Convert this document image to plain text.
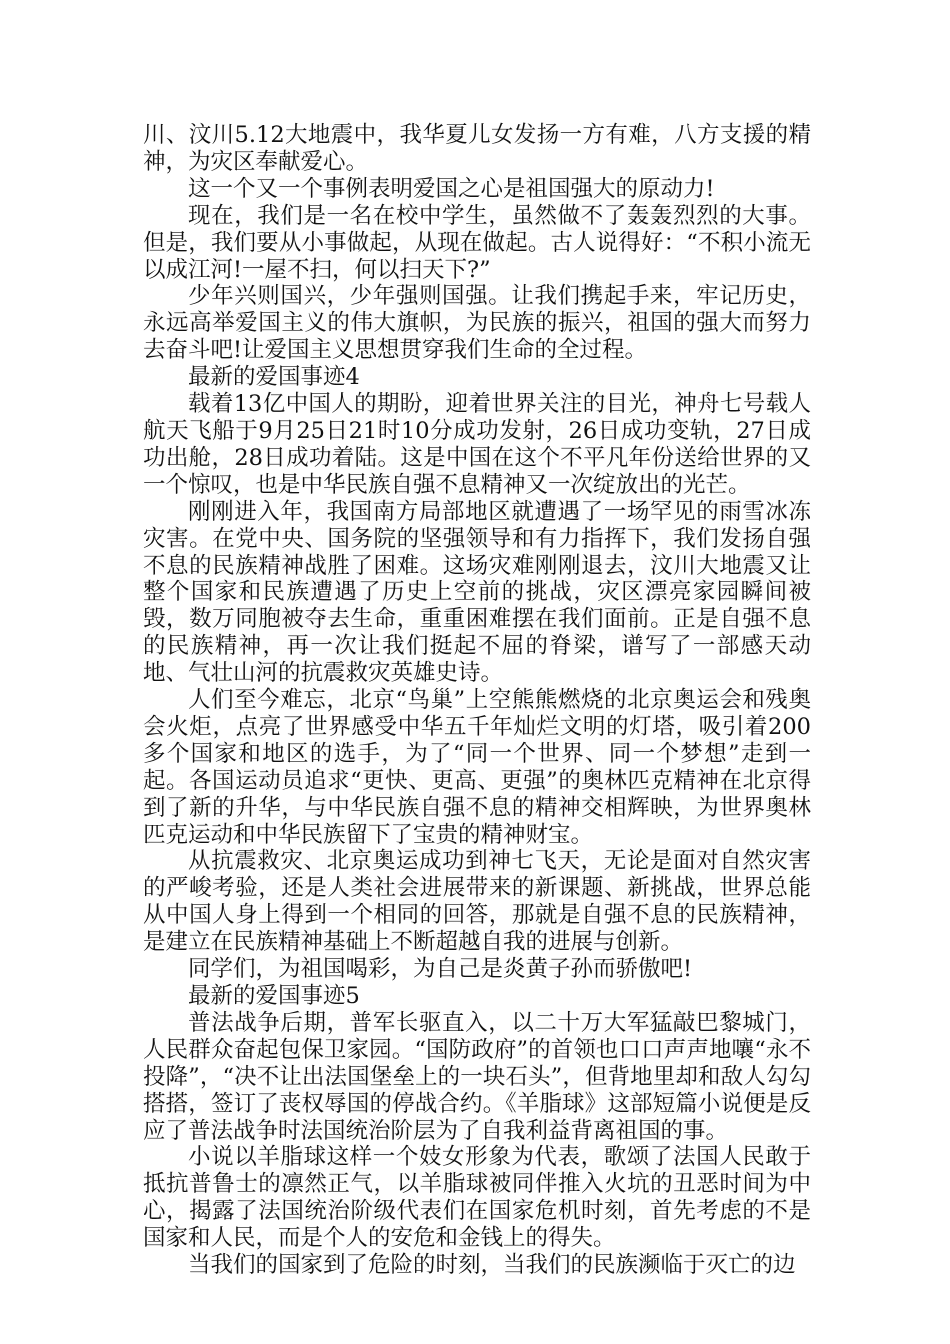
川、汶川5.12大地震中，我华夏儿女发扬一方有难，八方支援的精神，为灾区奉献爱心。

这一个又一个事例表明爱国之心是祖国强大的原动力!

现在，我们是一名在校中学生，虽然做不了轰轰烈烈的大事。但是，我们要从小事做起，从现在做起。古人说得好：“不积小流无以成江河!一屋不扫，何以扫天下?”

少年兴则国兴，少年强则国强。让我们携起手来，牢记历史，永远高举爱国主义的伟大旗帜，为民族的振兴，祖国的强大而努力去奋斗吧!让爱国主义思想贯穿我们生命的全过程。

最新的爱国事迹4

载着13亿中国人的期盼，迎着世界关注的目光，神舟七号载人航天飞船于9月25日21时10分成功发射，26日成功变轨，27日成功出舱，28日成功着陆。这是中国在这个不平凡年份送给世界的又一个惊叹，也是中华民族自强不息精神又一次绽放出的光芒。

刚刚进入年，我国南方局部地区就遭遇了一场罕见的雨雪冰冻灾害。在党中央、国务院的坚强领导和有力指挥下，我们发扬自强不息的民族精神战胜了困难。这场灾难刚刚退去，汶川大地震又让整个国家和民族遭遇了历史上空前的挑战，灾区漂亮家园瞬间被毁，数万同胞被夺去生命，重重困难摆在我们面前。正是自强不息的民族精神，再一次让我们挺起不屈的脊梁，谱写了一部感天动地、气壮山河的抗震救灾英雄史诗。

人们至今难忘，北京“鸟巢”上空熊熊燃烧的北京奥运会和残奥会火炬，点亮了世界感受中华五千年灿烂文明的灯塔，吸引着200多个国家和地区的选手，为了“同一个世界、同一个梦想”走到一起。各国运动员追求“更快、更高、更强”的奥林匹克精神在北京得到了新的升华，与中华民族自强不息的精神交相辉映，为世界奥林匹克运动和中华民族留下了宝贵的精神财宝。

从抗震救灾、北京奥运成功到神七飞天，无论是面对自然灾害的严峻考验，还是人类社会进展带来的新课题、新挑战，世界总能从中国人身上得到一个相同的回答，那就是自强不息的民族精神，是建立在民族精神基础上不断超越自我的进展与创新。

同学们，为祖国喝彩，为自己是炎黄子孙而骄傲吧!

最新的爱国事迹5

普法战争后期，普军长驱直入，以二十万大军猛敲巴黎城门，人民群众奋起包保卫家园。“国防政府”的首领也口口声声地嚷“永不投降”，“决不让出法国堡垒上的一块石头”，但背地里却和敌人勾勾搭搭，签订了丧权辱国的停战合约。《羊脂球》这部短篇小说便是反应了普法战争时法国统治阶层为了自我利益背离祖国的事。

小说以羊脂球这样一个妓女形象为代表，歌颂了法国人民敢于抵抗普鲁士的凛然正气，以羊脂球被同伴推入火坑的丑恶时间为中心，揭露了法国统治阶级代表们在国家危机时刻，首先考虑的不是国家和人民，而是个人的安危和金钱上的得失。

当我们的国家到了危险的时刻，当我们的民族濒临于灭亡的边
